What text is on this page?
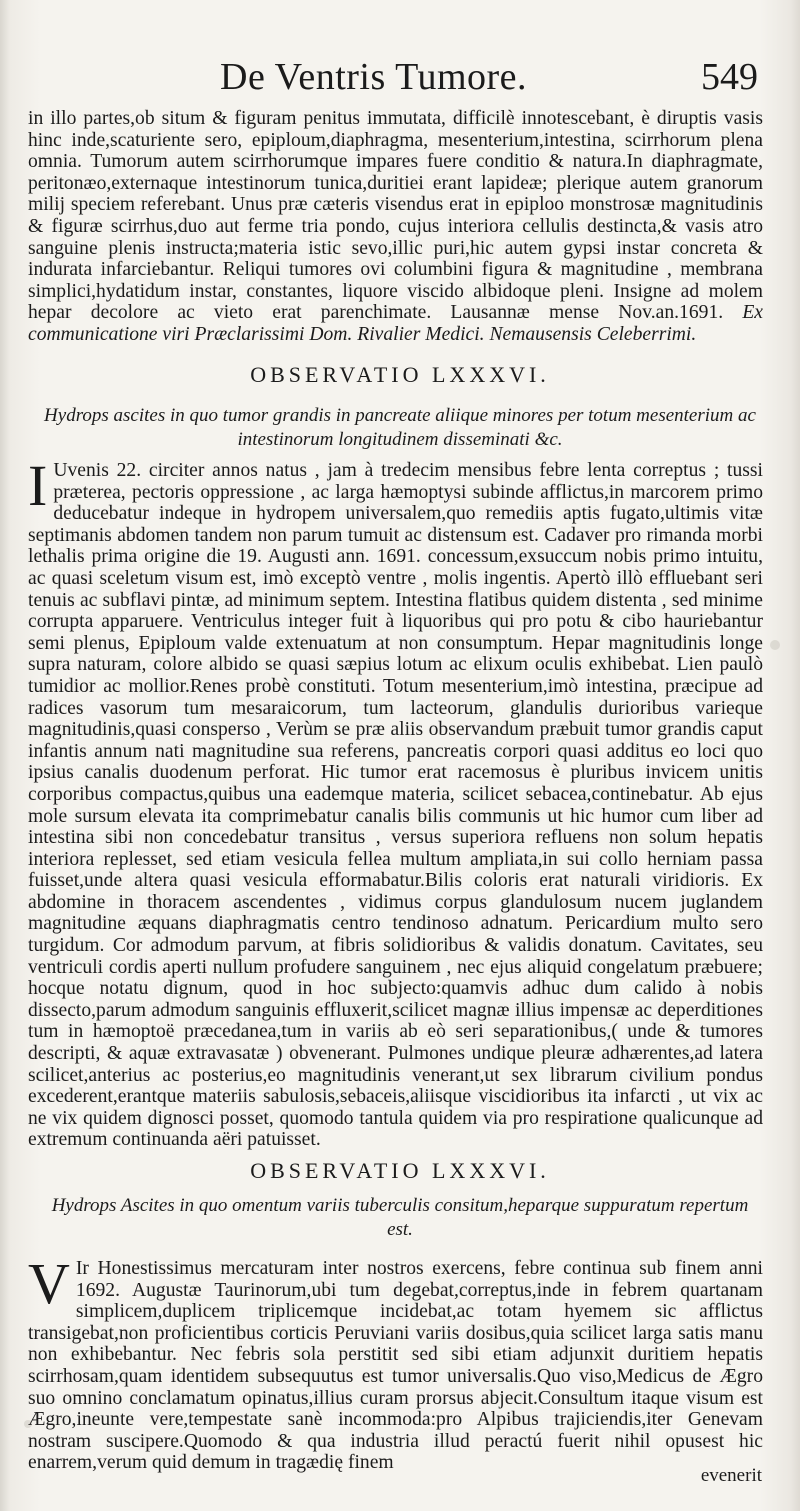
De Ventris Tumore.	549

in illo partes,ob situm & figuram penitus immutata, difficilè innotescebant, è diruptis vasis hinc inde,scaturiente sero, epiploum,diaphragma, mesenterium,intestina, scirrhorum plena omnia. Tumorum autem scirrhorumque impares fuere conditio & natura.In diaphragmate, peritonæo,externaque intestinorum tunica,duritiei erant lapideæ; plerique autem granorum milij speciem referebant. Unus præ cæteris visendus erat in epiploo monstrosæ magnitudinis & figuræ scirrhus,duo aut ferme tria pondo, cujus interiora cellulis destincta,& vasis atro sanguine plenis instructa;materia istic sevo,illic puri,hic autem gypsi instar concreta & indurata infarciebantur. Reliqui tumores ovi columbini figura & magnitudine , membrana simplici,hydatidum instar, constantes, liquore viscido albidoque pleni. Insigne ad molem hepar decolore ac vieto erat parenchimate. Lausannæ mense Nov.an.1691. Ex communicatione viri Præclarissimi Dom. Rivalier Medici. Nemausensis Celeberrimi.

OBSERVATIO LXXXVI.
Hydrops ascites in quo tumor grandis in pancreate aliique minores per totum mesenterium ac intestinorum longitudinem disseminati &c.

I Uvenis 22. circiter annos natus , jam à tredecim mensibus febre lenta correptus ; tussi præterea, pectoris oppressione , ac larga hæmoptysi subinde afflictus,in marcorem primo deducebatur indeque in hydropem universalem,quo remediis aptis fugato,ultimis vitæ septimanis abdomen tandem non parum tumuit ac distensum est. Cadaver pro rimanda morbi lethalis prima origine die 19. Augusti ann. 1691. concessum,exsuccum nobis primo intuitu, ac quasi sceletum visum est, imò exceptò ventre , molis ingentis. Apertò illò effluebant seri tenuis ac subflavi pintæ, ad minimum septem. Intestina flatibus quidem distenta , sed minime corrupta apparuere. Ventriculus integer fuit à liquoribus qui pro potu & cibo hauriebantur semi plenus, Epiploum valde extenuatum at non consumptum. Hepar magnitudinis longe supra naturam, colore albido se quasi sæpius lotum ac elixum oculis exhibebat. Lien paulò tumidior ac mollior.Renes probè constituti. Totum mesenterium,imò intestina, præcipue ad radices vasorum tum mesaraicorum, tum lacteorum, glandulis durioribus varieque magnitudinis,quasi consperso , Verùm se præ aliis observandum præbuit tumor grandis caput infantis annum nati magnitudine sua referens, pancreatis corpori quasi additus eo loci quo ipsius canalis duodenum perforat. Hic tumor erat racemosus è pluribus invicem unitis corporibus compactus,quibus una eademque materia, scilicet sebacea,continebatur. Ab ejus mole sursum elevata ita comprimebatur canalis bilis communis ut hic humor cum liber ad intestina sibi non concedebatur transitus , versus superiora refluens non solum hepatis interiora replesset, sed etiam vesicula fellea multum ampliata,in sui collo herniam passa fuisset,unde altera quasi vesicula efformabatur.Bilis coloris erat naturali viridioris. Ex abdomine in thoracem ascendentes , vidimus corpus glandulosum nucem juglandem magnitudine æquans diaphragmatis centro tendinoso adnatum. Pericardium multo sero turgidum. Cor admodum parvum, at fibris solidioribus & validis donatum. Cavitates, seu ventriculi cordis aperti nullum profudere sanguinem , nec ejus aliquid congelatum præbuere; hocque notatu dignum, quod in hoc subjecto:quamvis adhuc dum calido à nobis dissecto,parum admodum sanguinis effluxerit,scilicet magnæ illius impensæ ac deperditiones tum in hæmoptoë præcedanea,tum in variis ab eò seri separationibus,( unde & tumores descripti, & aquæ extravasatæ ) obvenerant. Pulmones undique pleuræ adhærentes,ad latera scilicet,anterius ac posterius,eo magnitudinis venerant,ut sex librarum civilium pondus excederent,erantque materiis sabulosis,sebaceis,aliisque viscidioribus ita infarcti , ut vix ac ne vix quidem dignosci posset, quomodo tantula quidem via pro respiratione qualicunque ad extremum continuanda aëri patuisset.

OBSERVATIO LXXXVI.
Hydrops Ascites in quo omentum variis tuberculis consitum,heparque suppuratum repertum est.

V Ir Honestissimus mercaturam inter nostros exercens, febre continua sub finem anni 1692. Augustæ Taurinorum,ubi tum degebat,correptus,inde in febrem quartanam simplicem,duplicem triplicemque incidebat,ac totam hyemem sic afflictus transigebat,non proficientibus corticis Peruviani variis dosibus,quia scilicet larga satis manu non exhibebantur. Nec febris sola perstitit sed sibi etiam adjunxit duritiem hepatis scirrhosam,quam identidem subsequutus est tumor universalis.Quo viso,Medicus de Ægro suo omnino conclamatum opinatus,illius curam prorsus abjecit.Consultum itaque visum est Ægro,ineunte vere,tempestate sanè incommoda:pro Alpibus trajiciendis,iter Genevam nostram suscipere.Quomodo & qua industria illud peractú fuerit nihil opusest hic enarrem,verum quid demum in tragædię finem

evenerit
